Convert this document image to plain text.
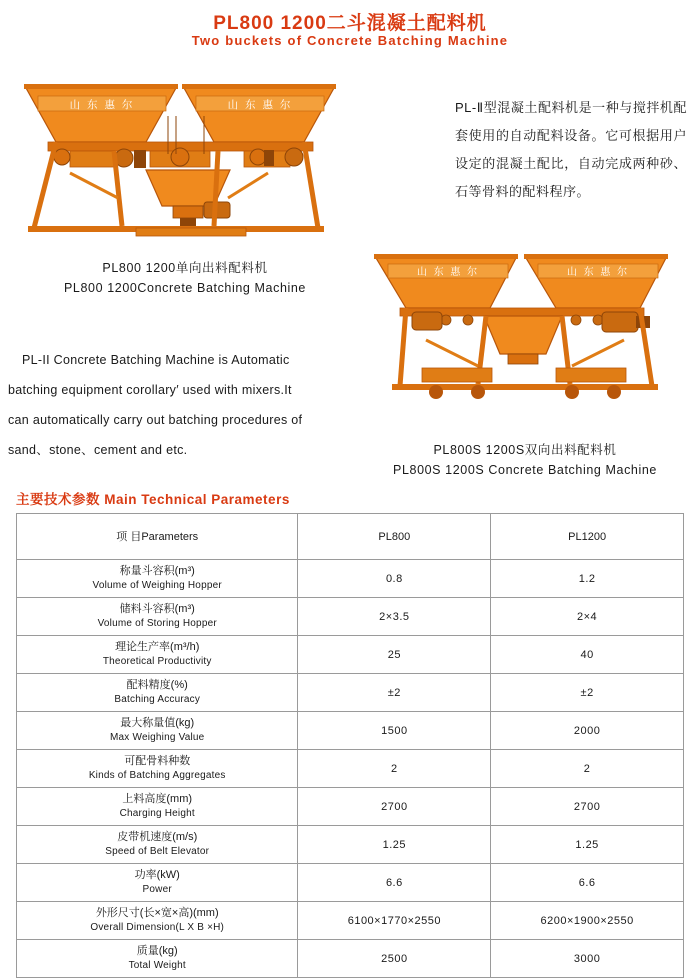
PL800 1200二斗混凝土配料机
Two buckets of Concrete Batching Machine
山 东 惠 尔	山 东 惠 尔
PL800 1200单向出料配料机
PL800 1200Concrete Batching Machine
山 东 惠 尔	山 东 惠 尔
PL800S 1200S双向出料配料机
PL800S 1200S Concrete Batching Machine
PL-Ⅱ型混凝土配料机是一种与搅拌机配套使用的自动配料设备。它可根据用户设定的混凝土配比，自动完成两种砂、石等骨料的配料程序。
PL-II Concrete Batching Machine is Automatic
batching equipment corollary′ used with mixers.It
can automatically carry out batching procedures of
sand、stone、cement and etc.
主要技术参数 Main Technical Parameters
项 目Parameters	PL800	PL1200

称量斗容积(m³)
Volume of Weighing Hopper	0.8	1.2

储料斗容积(m³)
Volume of Storing Hopper	2×3.5	2×4

理论生产率(m³/h)
Theoretical Productivity	25	40

配料精度(%)
Batching Accuracy	±2	±2

最大称量值(kg)
Max Weighing Value	1500	2000

可配骨料种数
Kinds of Batching Aggregates	2	2

上料高度(mm)
Charging Height	2700	2700

皮带机速度(m/s)
Speed of Belt Elevator	1.25	1.25

功率(kW)
Power	6.6	6.6

外形尺寸(长×宽×高)(mm)
Overall Dimension(L X B ×H)	6100×1770×2550	6200×1900×2550

质量(kg)
Total Weight	2500	3000
